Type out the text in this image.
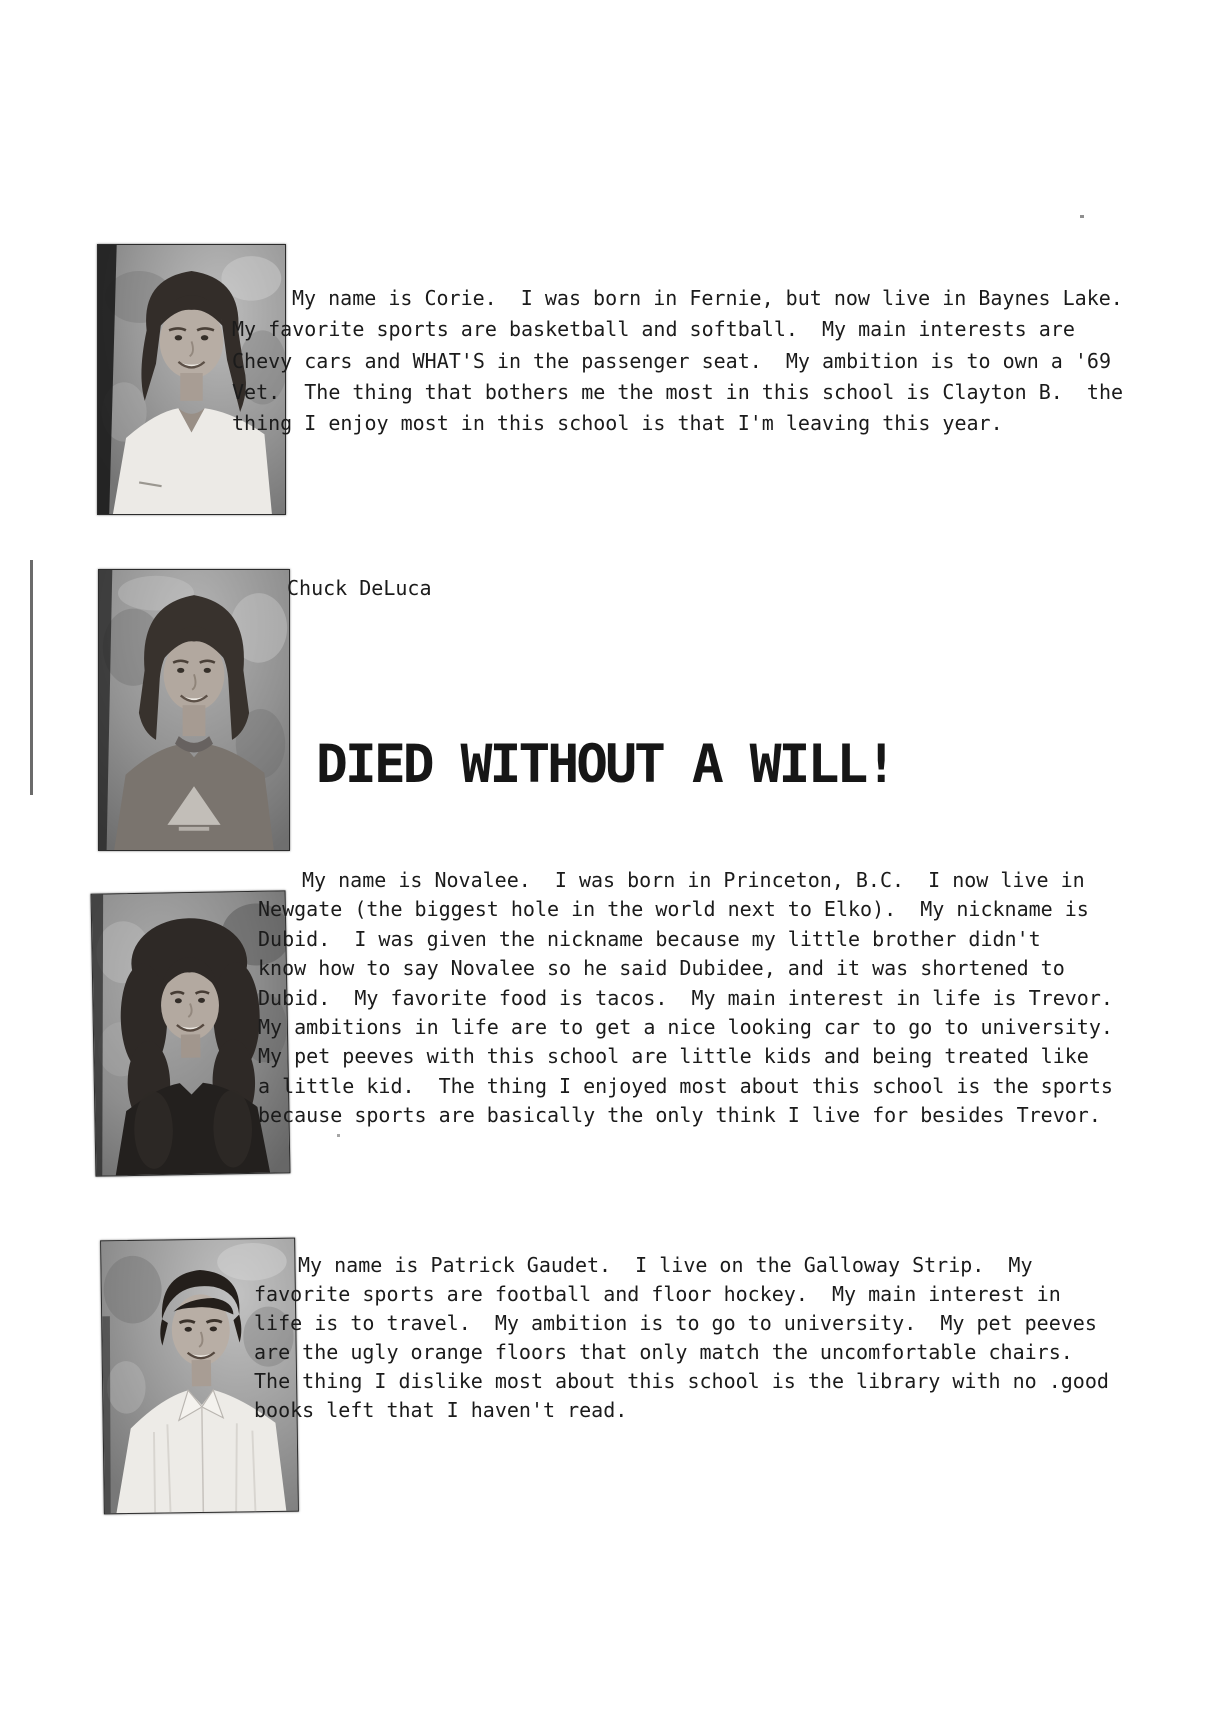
My name is Corie.  I was born in Fernie, but now live in Baynes Lake.
My favorite sports are basketball and softball.  My main interests are
Chevy cars and WHAT'S in the passenger seat.  My ambition is to own a '69
Vet.  The thing that bothers me the most in this school is Clayton B.  the
thing I enjoy most in this school is that I'm leaving this year.
Chuck DeLuca
DIED WITHOUT A WILL!
My name is Novalee.  I was born in Princeton, B.C.  I now live in
Newgate (the biggest hole in the world next to Elko).  My nickname is
Dubid.  I was given the nickname because my little brother didn't
know how to say Novalee so he said Dubidee, and it was shortened to
Dubid.  My favorite food is tacos.  My main interest in life is Trevor.
My ambitions in life are to get a nice looking car to go to university.
My pet peeves with this school are little kids and being treated like
a little kid.  The thing I enjoyed most about this school is the sports
because sports are basically the only think I live for besides Trevor.
My name is Patrick Gaudet.  I live on the Galloway Strip.  My
favorite sports are football and floor hockey.  My main interest in
life is to travel.  My ambition is to go to university.  My pet peeves
are the ugly orange floors that only match the uncomfortable chairs.
The thing I dislike most about this school is the library with no .good
books left that I haven't read.
